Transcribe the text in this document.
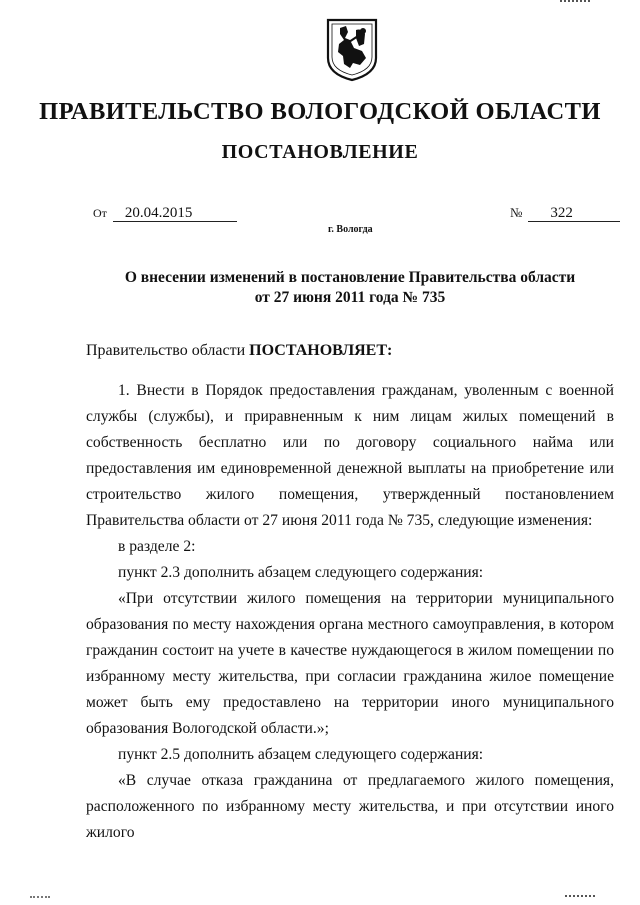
ПРАВИТЕЛЬСТВО ВОЛОГОДСКОЙ ОБЛАСТИ
ПОСТАНОВЛЕНИЕ
От 20.04.2015	№ 322
г. Вологда
О внесении изменений в постановление Правительства области
от 27 июня 2011 года № 735
Правительство области ПОСТАНОВЛЯЕТ:

1. Внести в Порядок предоставления гражданам, уволенным с военной службы (службы), и приравненным к ним лицам жилых помещений в собственность бесплатно или по договору социального найма или предоставления им единовременной денежной выплаты на приобретение или строительство жилого помещения, утвержденный постановлением Правительства области от 27 июня 2011 года № 735, следующие изменения:

в разделе 2:

пункт 2.3 дополнить абзацем следующего содержания:

«При отсутствии жилого помещения на территории муниципального образования по месту нахождения органа местного самоуправления, в котором гражданин состоит на учете в качестве нуждающегося в жилом помещении по избранному месту жительства, при согласии гражданина жилое помещение может быть ему предоставлено на территории иного муниципального образования Вологодской области.»;

пункт 2.5 дополнить абзацем следующего содержания:

«В случае отказа гражданина от предлагаемого жилого помещения, расположенного по избранному месту жительства, и при отсутствии иного жилого
